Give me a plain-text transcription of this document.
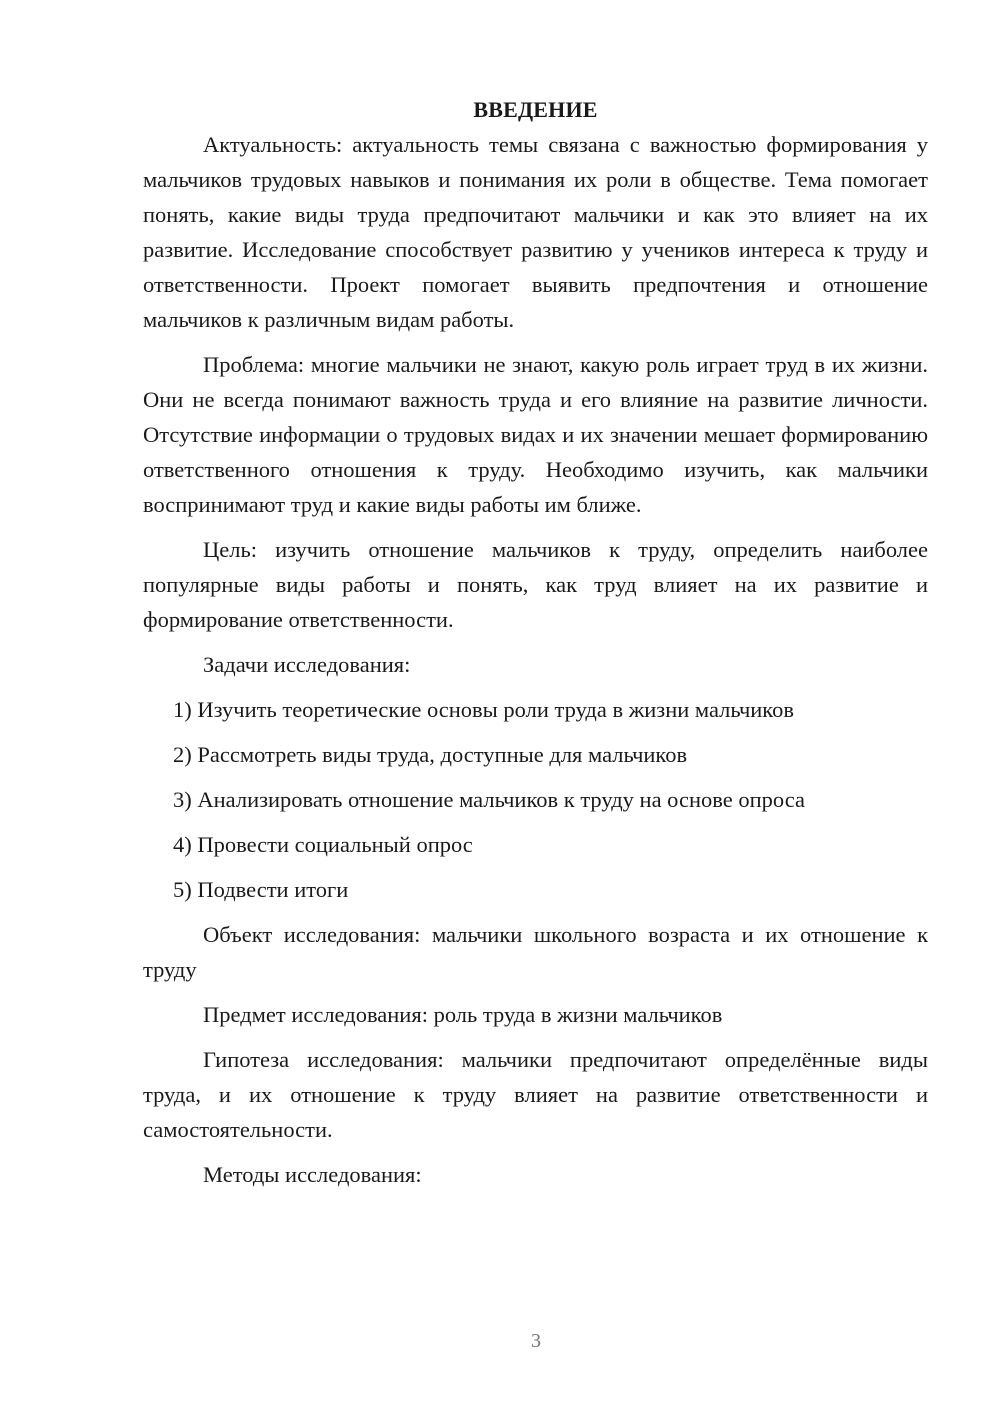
ВВЕДЕНИЕ

Актуальность: актуальность темы связана с важностью формирования у мальчиков трудовых навыков и понимания их роли в обществе. Тема помогает понять, какие виды труда предпочитают мальчики и как это влияет на их развитие. Исследование способствует развитию у учеников интереса к труду и ответственности. Проект помогает выявить предпочтения и отношение мальчиков к различным видам работы.

Проблема: многие мальчики не знают, какую роль играет труд в их жизни. Они не всегда понимают важность труда и его влияние на развитие личности. Отсутствие информации о трудовых видах и их значении мешает формированию ответственного отношения к труду. Необходимо изучить, как мальчики воспринимают труд и какие виды работы им ближе.

Цель: изучить отношение мальчиков к труду, определить наиболее популярные виды работы и понять, как труд влияет на их развитие и формирование ответственности.

Задачи исследования:

1) Изучить теоретические основы роли труда в жизни мальчиков
2) Рассмотреть виды труда, доступные для мальчиков
3) Анализировать отношение мальчиков к труду на основе опроса
4) Провести социальный опрос
5) Подвести итоги

Объект исследования: мальчики школьного возраста и их отношение к труду

Предмет исследования: роль труда в жизни мальчиков

Гипотеза исследования: мальчики предпочитают определённые виды труда, и их отношение к труду влияет на развитие ответственности и самостоятельности.

Методы исследования:

3
